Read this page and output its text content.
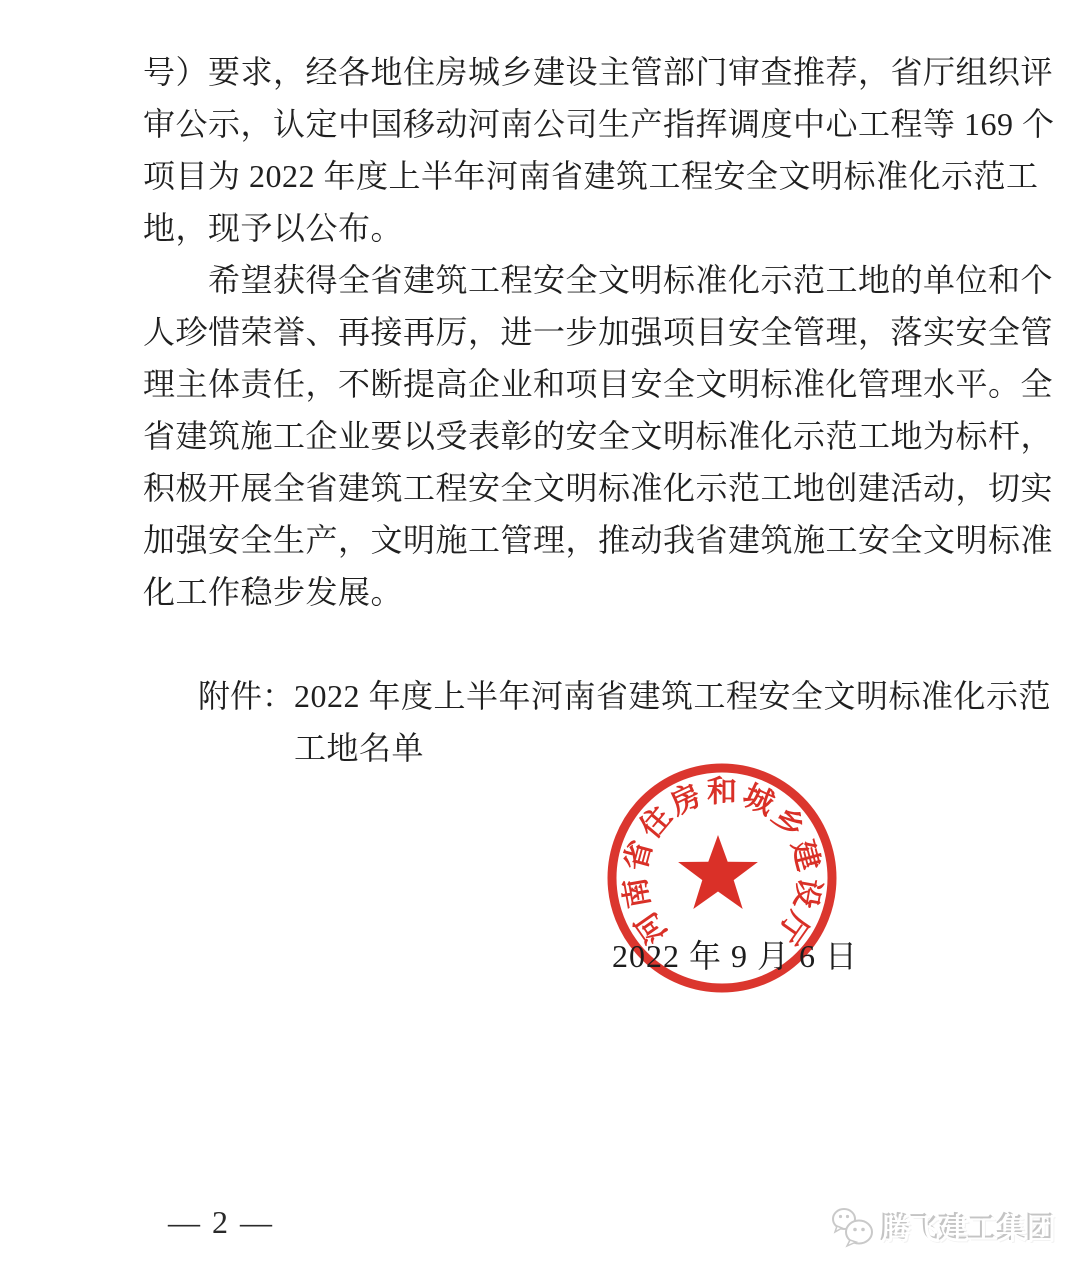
号）要求，经各地住房城乡建设主管部门审查推荐，省厅组织评
审公示，认定中国移动河南公司生产指挥调度中心工程等 169 个
项目为 2022 年度上半年河南省建筑工程安全文明标准化示范工
地，现予以公布。
　　希望获得全省建筑工程安全文明标准化示范工地的单位和个
人珍惜荣誉、再接再厉，进一步加强项目安全管理，落实安全管
理主体责任，不断提高企业和项目安全文明标准化管理水平。全
省建筑施工企业要以受表彰的安全文明标准化示范工地为标杆，
积极开展全省建筑工程安全文明标准化示范工地创建活动，切实
加强安全生产，文明施工管理，推动我省建筑施工安全文明标准
化工作稳步发展。
附件： 2022 年度上半年河南省建筑工程安全文明标准化示范
工地名单
河
南
省
住
房 和 城
乡
建
设
厅
2022 年 9 月 6 日
— 2 —	腾飞建工集团
